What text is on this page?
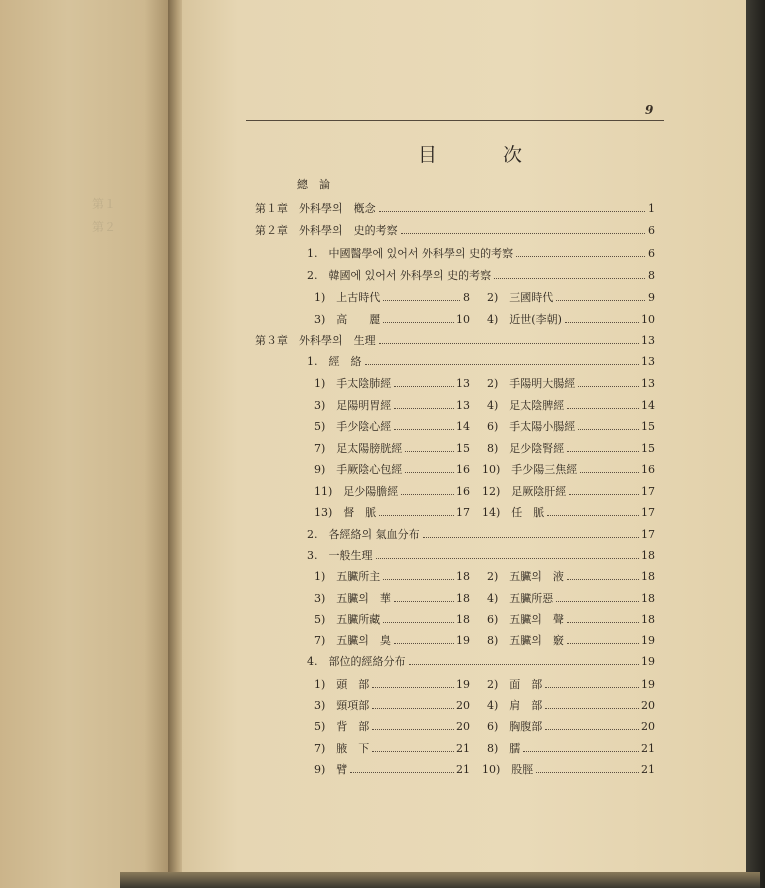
第１
第２
9
目 次
總　論
第１章　外科學의　槪念	1
第２章　外科學의　史的考察	6
1.　中國醫學에 있어서 外科學의 史的考察	6
2.　韓國에 있어서 外科學의 史的考察	8
1)　上古時代	8 2)　三國時代	9
3)　高　　麗	10 4)　近世(李朝)	10
第３章　外科學의　生理	13
1.　經　絡	13
1)　手太陰肺經	13 2)　手陽明大腸經	13
3)　足陽明胃經	13 4)　足太陰脾經	14
5)　手少陰心經	14 6)　手太陽小腸經	15
7)　足太陽膀胱經	15 8)　足少陰腎經	15
9)　手厥陰心包經	16 10)　手少陽三焦經	16
11)　足少陽膽經	16 12)　足厥陰肝經	17
13)　督　脈	17 14)　任　脈	17
2.　各經絡의 氣血分布	17
3.　一般生理	18
1)　五臟所主	18 2)　五臟의　液	18
3)　五臟의　華	18 4)　五臟所惡	18
5)　五臟所藏	18 6)　五臟의　聲	18
7)　五臟의　臭	19 8)　五臟의　竅	19
4.　部位的經絡分布	19
1)　頭　部	19 2)　面　部	19
3)　頸項部	20 4)　肩　部	20
5)　背　部	20 6)　胸腹部	20
7)　腋　下	21 8)　臑	21
9)　臂	21 10)　股脛	21
